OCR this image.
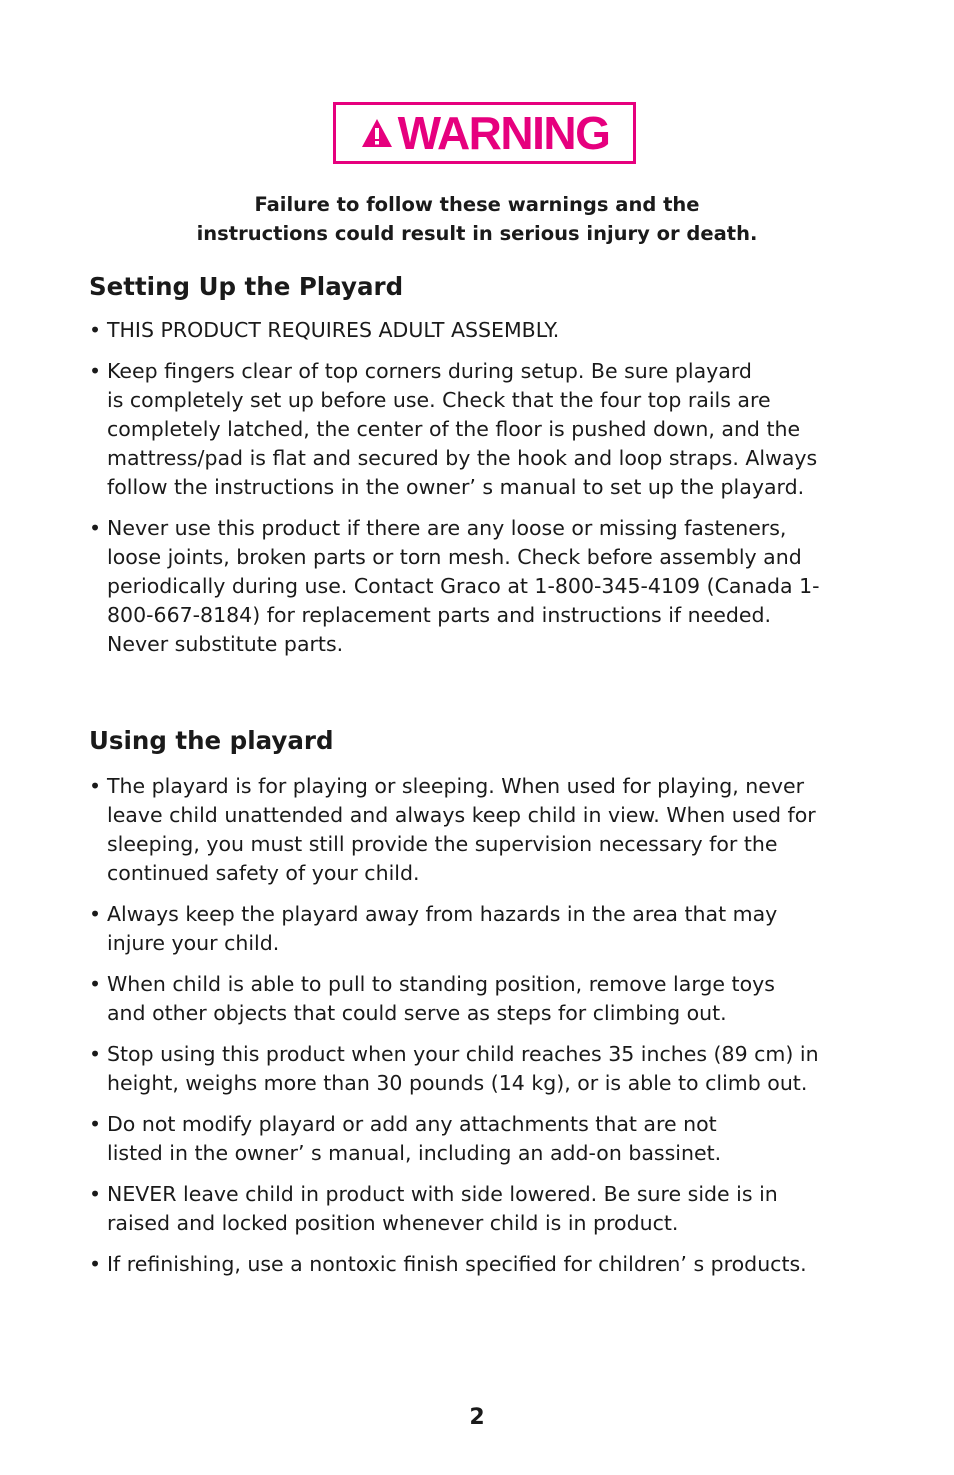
WARNING
Failure to follow these warnings and the
instructions could result in serious injury or death.
Setting Up the Playard
• THIS PRODUCT REQUIRES ADULT ASSEMBLY.
• Keep fingers clear of top corners during setup. Be sure playard
is completely set up before use. Check that the four top rails are
completely latched, the center of the floor is pushed down, and the
mattress/pad is flat and secured by the hook and loop straps. Always
follow the instructions in the owner’ s manual to set up the playard.
• Never use this product if there are any loose or missing fasteners,
loose joints, broken parts or torn mesh. Check before assembly and
periodically during use. Contact Graco at 1-800-345-4109 (Canada 1-
800-667-8184) for replacement parts and instructions if needed.
Never substitute parts.
Using the playard
• The playard is for playing or sleeping. When used for playing, never
leave child unattended and always keep child in view. When used for
sleeping, you must still provide the supervision necessary for the
continued safety of your child.
• Always keep the playard away from hazards in the area that may
injure your child.
• When child is able to pull to standing position, remove large toys
and other objects that could serve as steps for climbing out.
• Stop using this product when your child reaches 35 inches (89 cm) in
height, weighs more than 30 pounds (14 kg), or is able to climb out.
• Do not modify playard or add any attachments that are not
listed in the owner’ s manual, including an add-on bassinet.
• NEVER leave child in product with side lowered. Be sure side is in
raised and locked position whenever child is in product.
• If refinishing, use a nontoxic finish specified for children’ s products.
2
